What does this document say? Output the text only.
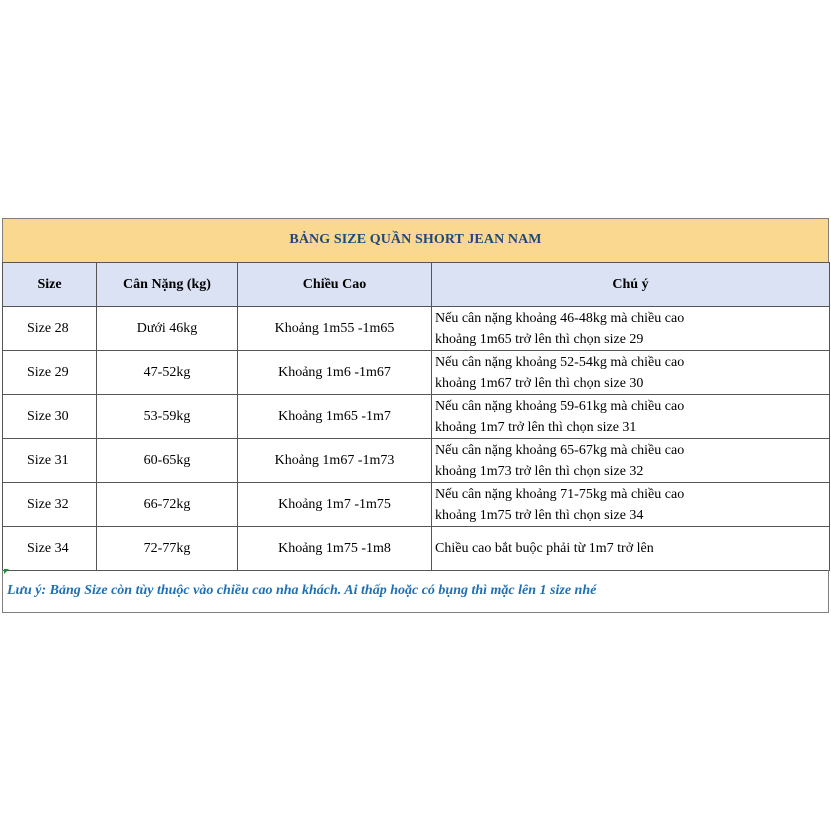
BẢNG SIZE QUẦN SHORT JEAN NAM
Size	Cân Nặng (kg)	Chiều Cao	Chú ý
Size 28	Dưới 46kg	Khoảng 1m55 -1m65	Nếu cân nặng khoảng 46-48kg mà chiều cao
khoảng 1m65 trở lên thì chọn size 29

Size 29	47-52kg	Khoảng 1m6 -1m67	Nếu cân nặng khoảng 52-54kg mà chiều cao
khoảng 1m67 trở lên thì chọn size 30

Size 30	53-59kg	Khoảng 1m65 -1m7	Nếu cân nặng khoảng 59-61kg mà chiều cao
khoảng 1m7 trở lên thì chọn size 31

Size 31	60-65kg	Khoảng 1m67 -1m73	Nếu cân nặng khoảng 65-67kg mà chiều cao
khoảng 1m73 trở lên thì chọn size 32

Size 32	66-72kg	Khoảng 1m7 -1m75	Nếu cân nặng khoảng 71-75kg mà chiều cao
khoảng 1m75 trở lên thì chọn size 34

Size 34	72-77kg	Khoảng 1m75 -1m8	Chiều cao bắt buộc phải từ 1m7 trở lên
Lưu ý: Bảng Size còn tùy thuộc vào chiều cao nha khách. Ai thấp hoặc có bụng thì mặc lên 1 size nhé
